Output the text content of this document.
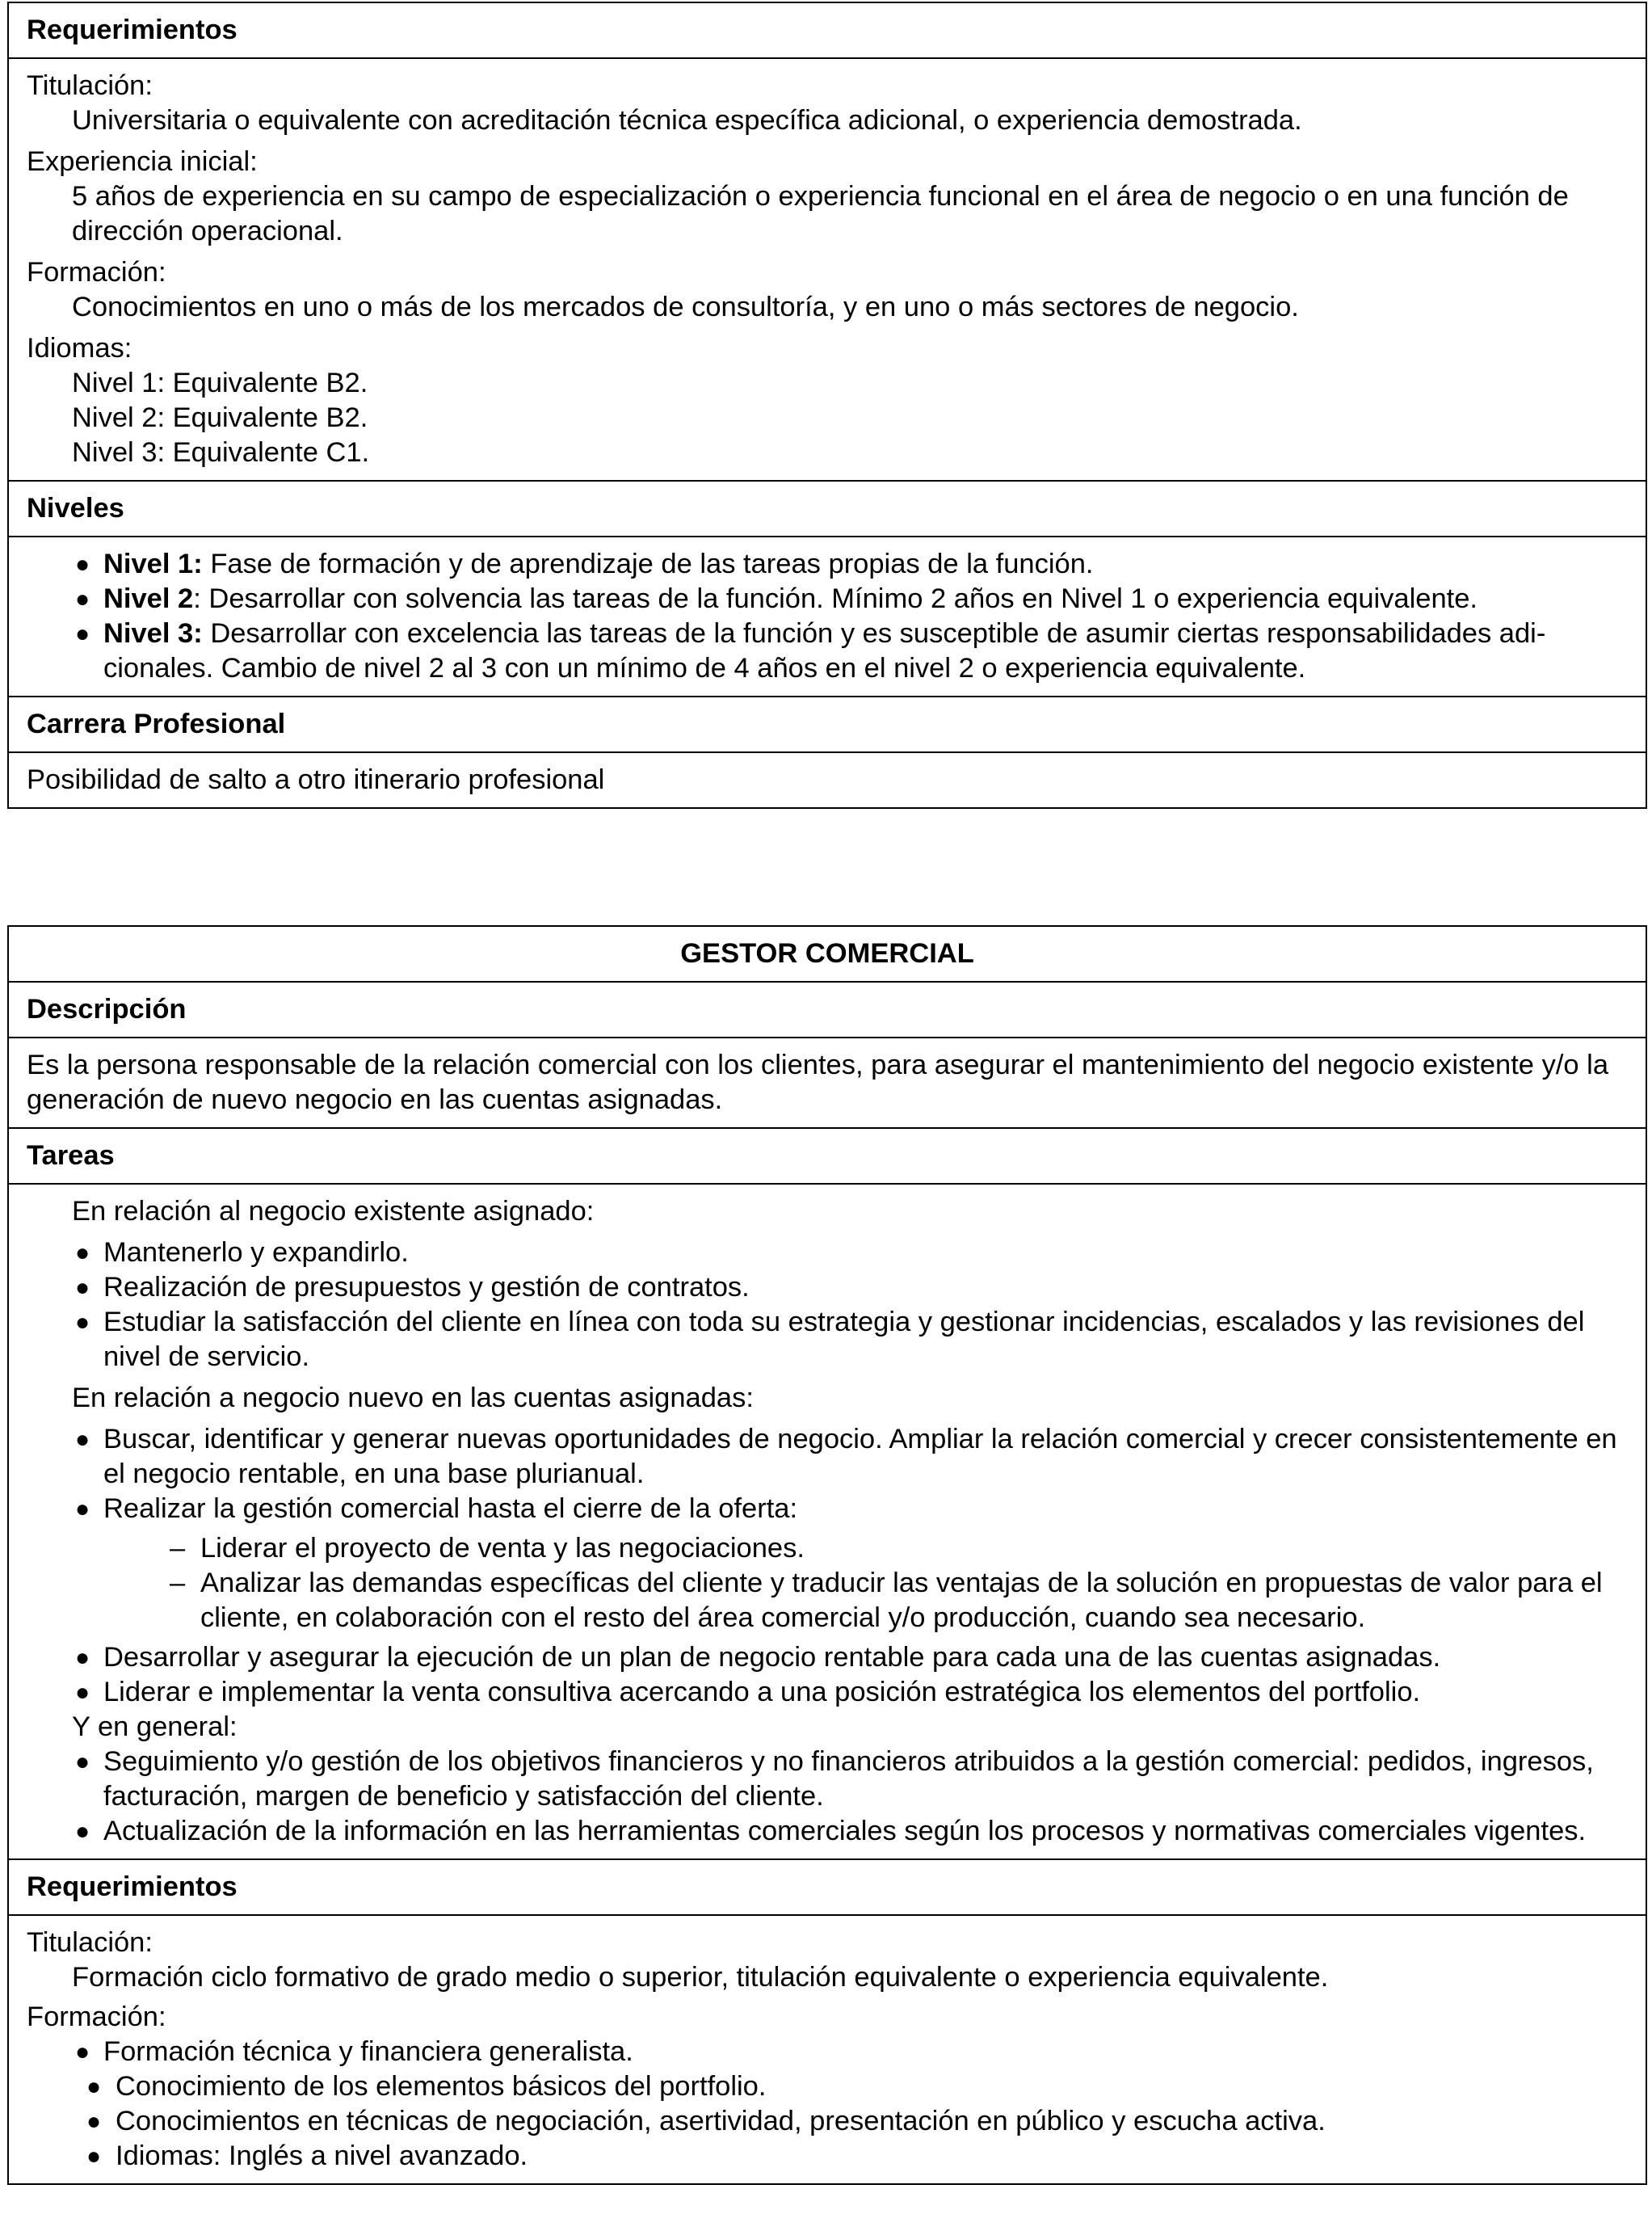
Requerimientos
Titulación:
Universitaria o equivalente con acreditación técnica específica adicional, o experiencia demostrada.
Experiencia inicial:
5 años de experiencia en su campo de especialización o experiencia funcional en el área de negocio o en una función de dirección operacional.
Formación:
Conocimientos en uno o más de los mercados de consultoría, y en uno o más sectores de negocio.
Idiomas:
Nivel 1: Equivalente B2.
Nivel 2: Equivalente B2.
Nivel 3: Equivalente C1.
Niveles
● Nivel 1: Fase de formación y de aprendizaje de las tareas propias de la función.
● Nivel 2: Desarrollar con solvencia las tareas de la función. Mínimo 2 años en Nivel 1 o experiencia equivalente.
● Nivel 3: Desarrollar con excelencia las tareas de la función y es susceptible de asumir ciertas responsabilidades adi-cionales. Cambio de nivel 2 al 3 con un mínimo de 4 años en el nivel 2 o experiencia equivalente.
Carrera Profesional
Posibilidad de salto a otro itinerario profesional
GESTOR COMERCIAL
Descripción
Es la persona responsable de la relación comercial con los clientes, para asegurar el mantenimiento del negocio existente y/o la generación de nuevo negocio en las cuentas asignadas.
Tareas
En relación al negocio existente asignado:
● Mantenerlo y expandirlo.
● Realización de presupuestos y gestión de contratos.
● Estudiar la satisfacción del cliente en línea con toda su estrategia y gestionar incidencias, escalados y las revisiones del nivel de servicio.
En relación a negocio nuevo en las cuentas asignadas:
● Buscar, identificar y generar nuevas oportunidades de negocio. Ampliar la relación comercial y crecer consistentemente en el negocio rentable, en una base plurianual.
● Realizar la gestión comercial hasta el cierre de la oferta:
– Liderar el proyecto de venta y las negociaciones.
– Analizar las demandas específicas del cliente y traducir las ventajas de la solución en propuestas de valor para el cliente, en colaboración con el resto del área comercial y/o producción, cuando sea necesario.
● Desarrollar y asegurar la ejecución de un plan de negocio rentable para cada una de las cuentas asignadas.
● Liderar e implementar la venta consultiva acercando a una posición estratégica los elementos del portfolio.
Y en general:
● Seguimiento y/o gestión de los objetivos financieros y no financieros atribuidos a la gestión comercial: pedidos, ingresos, facturación, margen de beneficio y satisfacción del cliente.
● Actualización de la información en las herramientas comerciales según los procesos y normativas comerciales vigentes.
Requerimientos
Titulación:
Formación ciclo formativo de grado medio o superior, titulación equivalente o experiencia equivalente.
Formación:
● Formación técnica y financiera generalista.
● Conocimiento de los elementos básicos del portfolio.
● Conocimientos en técnicas de negociación, asertividad, presentación en público y escucha activa.
● Idiomas: Inglés a nivel avanzado.
